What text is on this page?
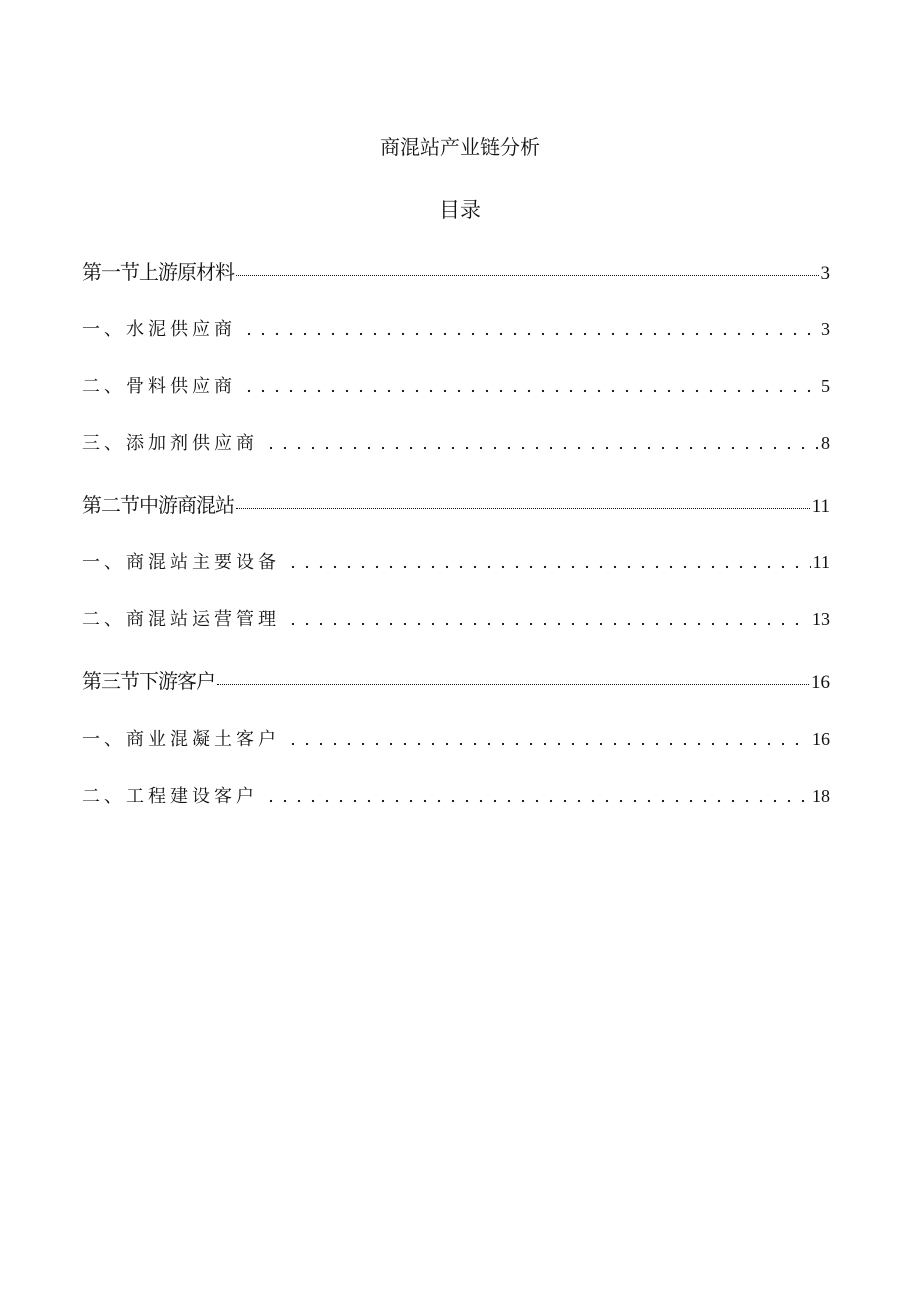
商混站产业链分析
目录
第一节上游原材料	3
一、水泥供应商	3
二、骨料供应商	5
三、添加剂供应商	8
第二节中游商混站	11
一、商混站主要设备	11
二、商混站运营管理	13
第三节下游客户	16
一、商业混凝土客户	16
二、工程建设客户	18
